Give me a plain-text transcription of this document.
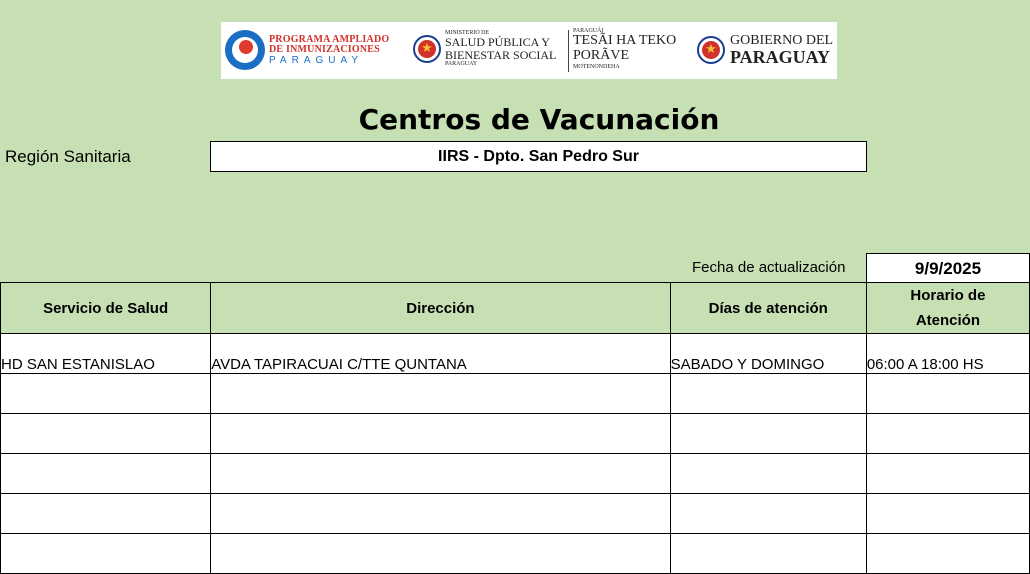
PROGRAMA AMPLIADO
DE INMUNIZACIONES
PARAGUAY
★
MINISTERIO DE
SALUD PÚBLICA Y
BIENESTAR SOCIAL
PARAGUAY
PARAGUÁI
TESÃI HA TEKO
PORÃVE
MOTENONDEHA
★
GOBIERNO DEL
PARAGUAY
Centros de Vacunación
Región Sanitaria	IIRS - Dpto. San Pedro Sur
Fecha de actualización	9/9/2025
Servicio de Salud	Dirección	Días de atención	Horario de Atención
HD SAN ESTANISLAO	AVDA TAPIRACUAI C/TTE QUNTANA	SABADO Y DOMINGO	06:00 A 18:00 HS
